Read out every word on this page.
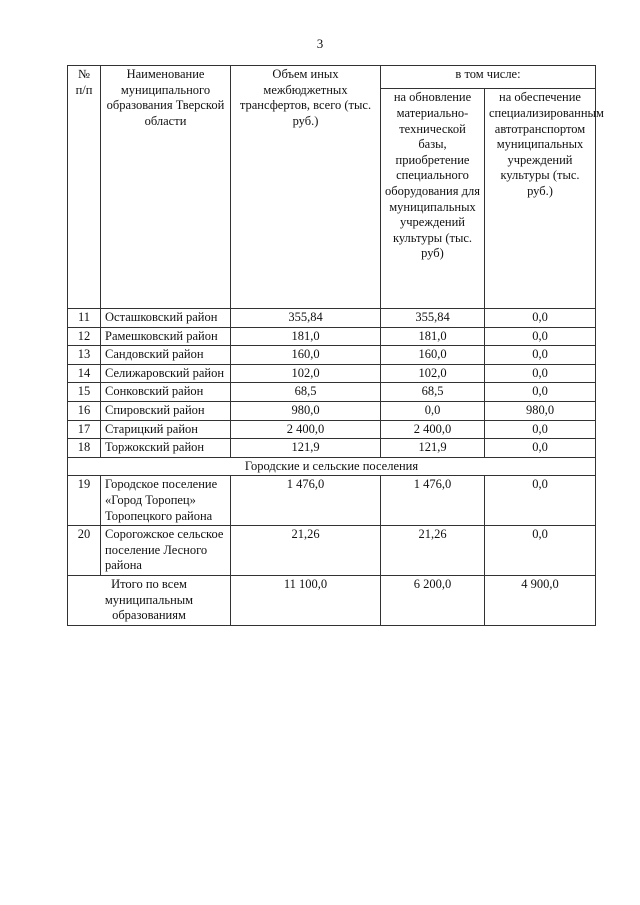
3
№ п/п	Наименование муниципального образования Тверской области	Объем иных межбюджетных трансфертов, всего (тыс. руб.)	в том числе:	
			на обновление материально-технической базы, приобретение специального оборудования для муниципальных учреждений культуры (тыс. руб)	на обеспечение специализированным автотранспортом муниципальных учреждений культуры (тыс. руб.)
11	Осташковский район	355,84	355,84	0,0
12	Рамешковский район	181,0	181,0	0,0
13	Сандовский район	160,0	160,0	0,0
14	Селижаровский район	102,0	102,0	0,0
15	Сонковский район	68,5	68,5	0,0
16	Спировский район	980,0	0,0	980,0
17	Старицкий район	2 400,0	2 400,0	0,0
18	Торжокский район	121,9	121,9	0,0
Городские и сельские поселения				
19	Городское поселение «Город Торопец» Торопецкого района	1 476,0	1 476,0	0,0
20	Сорогожское сельское поселение Лесного района	21,26	21,26	0,0
Итого по всем муниципальным образованиям		11 100,0	6 200,0	4 900,0
